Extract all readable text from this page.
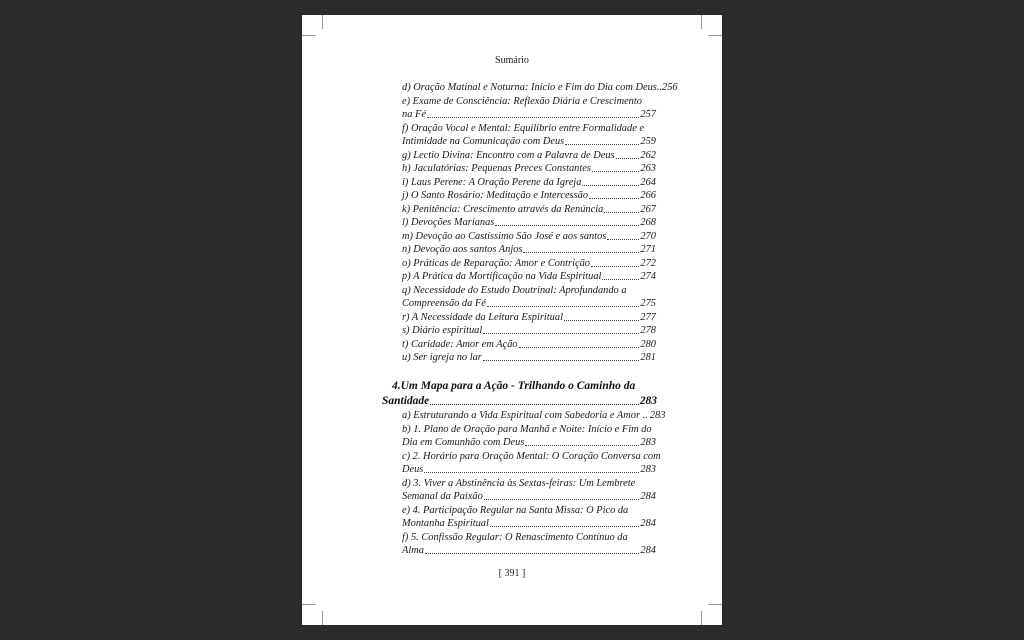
Sumário
d) Oração Matinal e Noturna: Início e Fim do Dia com Deus.. 256
e) Exame de Consciência: Reflexão Diária e Crescimento
na Fé	257
f) Oração Vocal e Mental: Equilíbrio entre Formalidade e
Intimidade na Comunicação com Deus	259
g) Lectio Divina: Encontro com a Palavra de Deus 262
h) Jaculatórias: Pequenas Preces Constantes	263
i) Laus Perene: A Oração Perene da Igreja	264
j) O Santo Rosário: Meditação e Intercessão	266
k) Penitência: Crescimento através da Renúncia	267
l) Devoções Marianas	268
m) Devoção ao Castíssimo São José e aos santos	270
n) Devoção aos santos Anjos	271
o) Práticas de Reparação: Amor e Contrição	272
p) A Prática da Mortificação na Vida Espiritual	274
q) Necessidade do Estudo Doutrinal: Aprofundando a
Compreensão da Fé	275
r) A Necessidade da Leitura Espiritual	277
s) Diário espiritual	278
t) Caridade: Amor em Ação	280
u) Ser igreja no lar	281
4.Um Mapa para a Ação - Trilhando o Caminho da
Santidade	283
a) Estruturando a Vida Espiritual com Sabedoria e Amor .. 283
b) 1. Plano de Oração para Manhã e Noite: Início e Fim do
Dia em Comunhão com Deus	283
c) 2. Horário para Oração Mental: O Coração Conversa com
Deus	283
d) 3. Viver a Abstinência às Sextas-feiras: Um Lembrete
Semanal da Paixão	284
e) 4. Participação Regular na Santa Missa: O Pico da
Montanha Espiritual	284
f) 5. Confissão Regular: O Renascimento Contínuo da
Alma	284
[ 391 ]
